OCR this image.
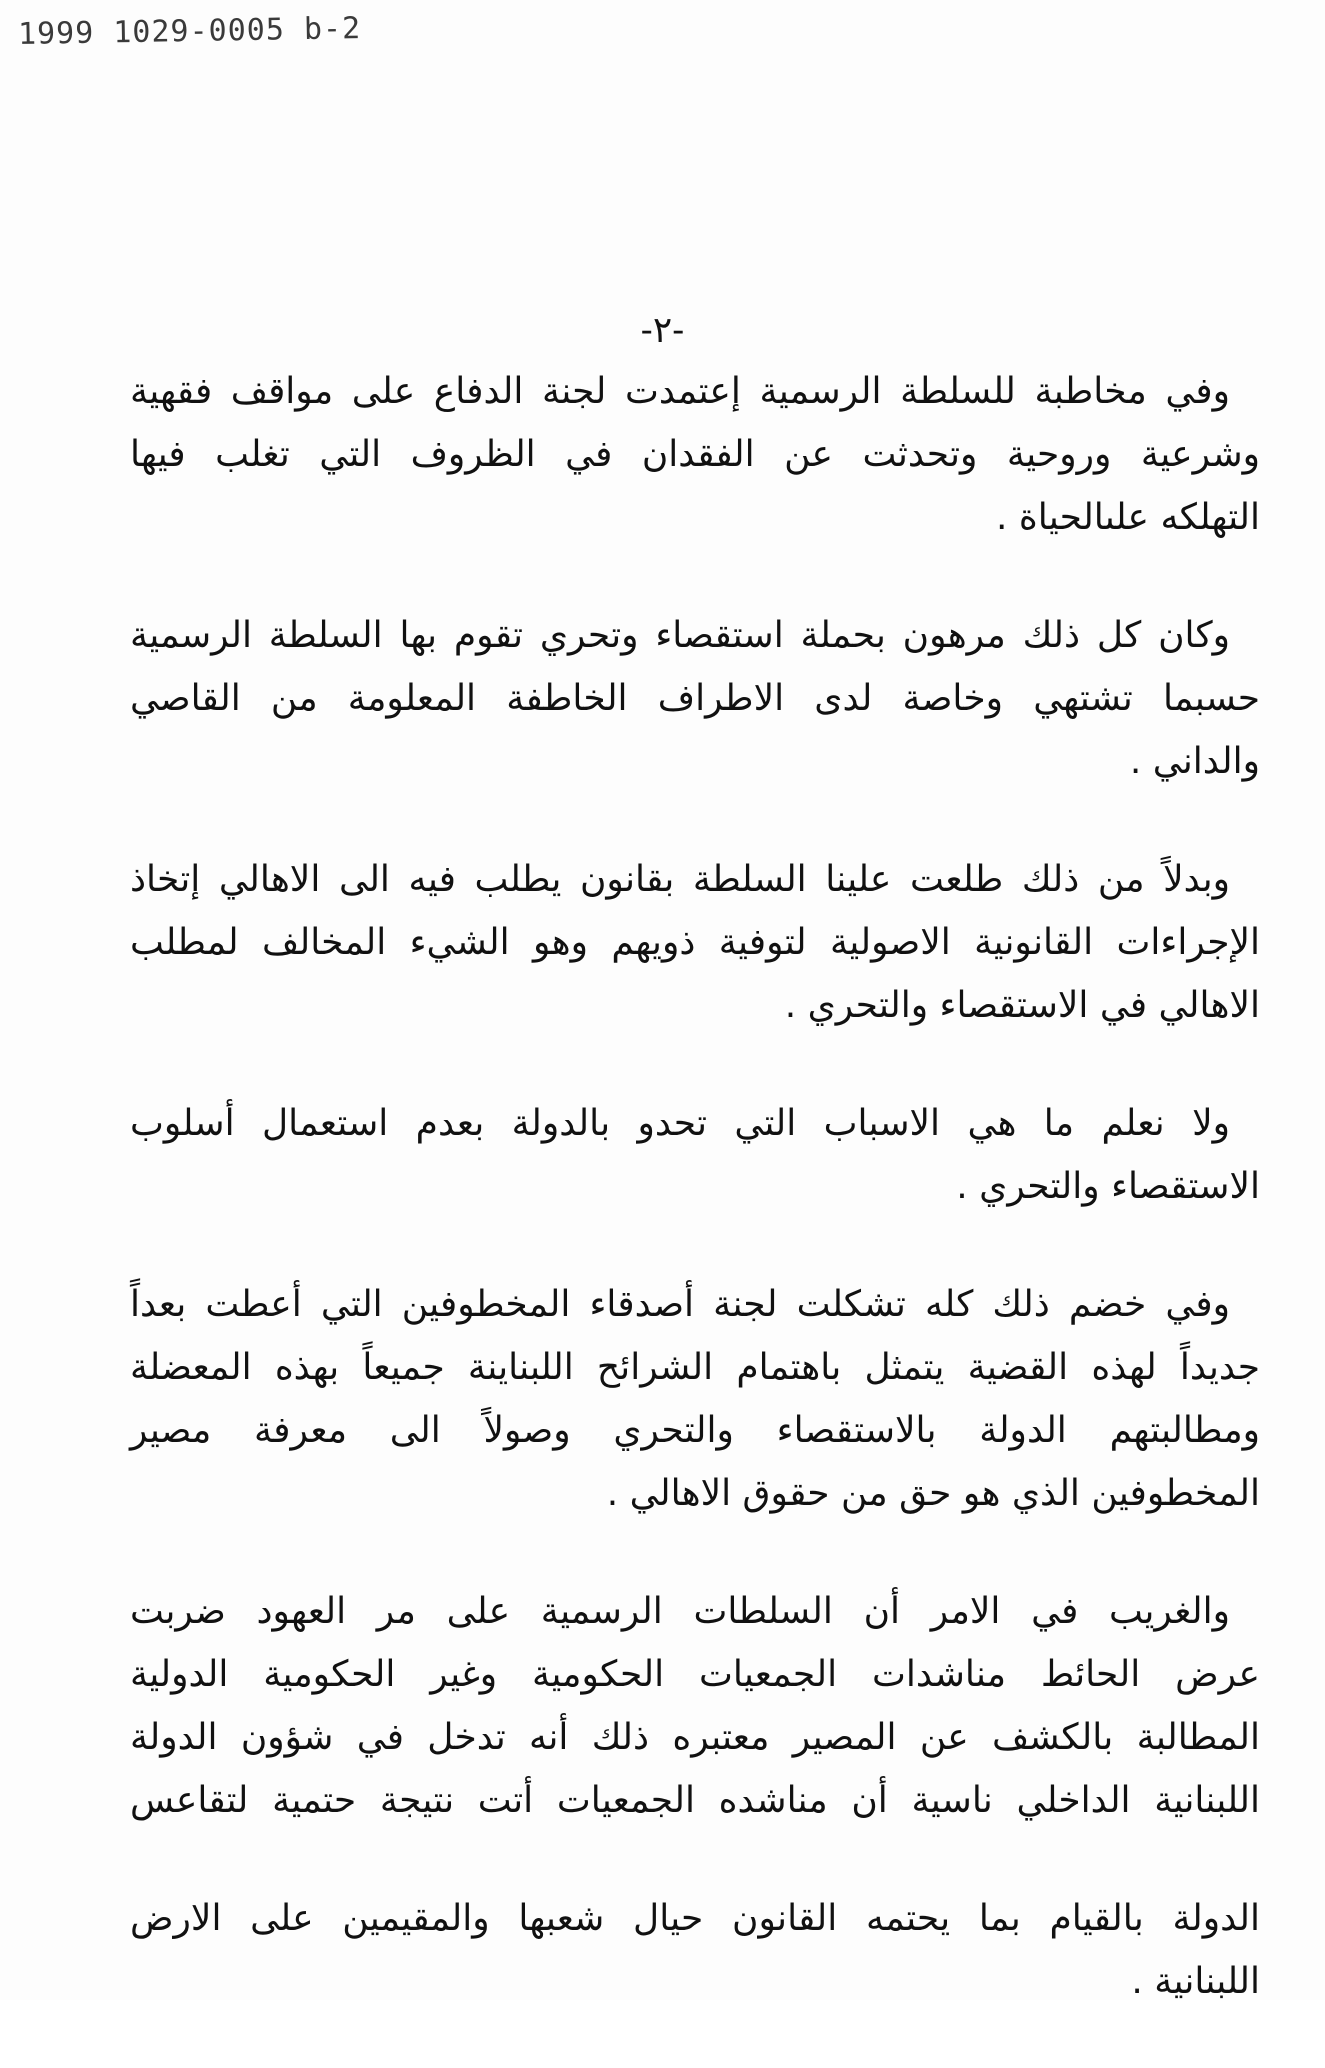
1999 1029-0005 b-2
-٢-

وفي مخاطبة للسلطة الرسمية إعتمدت لجنة الدفاع على مواقف فقهية
وشرعية وروحية وتحدثت عن الفقدان في الظروف التي تغلب فيها
التهلكه علىالحياة .

وكان كل ذلك مرهون بحملة استقصاء وتحري تقوم بها السلطة الرسمية
حسبما تشتهي وخاصة لدى الاطراف الخاطفة المعلومة من القاصي
والداني .

وبدلاً من ذلك طلعت علينا السلطة بقانون يطلب فيه الى الاهالي إتخاذ
الإجراءات القانونية الاصولية لتوفية ذويهم وهو الشيء المخالف لمطلب
الاهالي في الاستقصاء والتحري .

ولا نعلم ما هي الاسباب التي تحدو بالدولة بعدم استعمال أسلوب
الاستقصاء والتحري .

وفي خضم ذلك كله تشكلت لجنة أصدقاء المخطوفين التي أعطت بعداً
جديداً لهذه القضية يتمثل باهتمام الشرائح اللبناينة جميعاً بهذه المعضلة
ومطالبتهم الدولة بالاستقصاء والتحري وصولاً الى معرفة مصير
المخطوفين الذي هو حق من حقوق الاهالي .

والغريب في الامر أن السلطات الرسمية على مر العهود ضربت
عرض الحائط مناشدات الجمعيات الحكومية وغير الحكومية الدولية
المطالبة بالكشف عن المصير معتبره ذلك أنه تدخل في شؤون الدولة
اللبنانية الداخلي ناسية أن مناشده الجمعيات أتت نتيجة حتمية لتقاعس

الدولة بالقيام بما يحتمه القانون حيال شعبها والمقيمين على الارض
اللبنانية .
